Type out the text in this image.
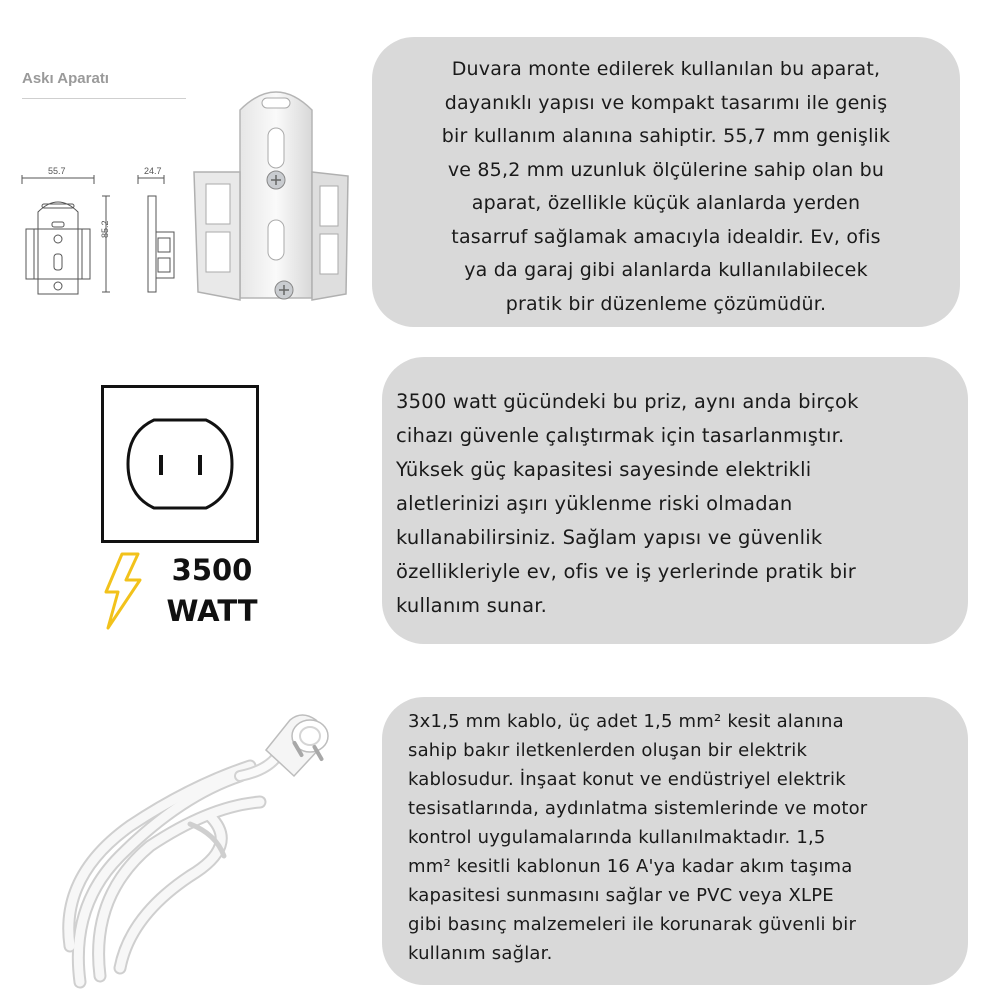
Askı Aparatı
55.7	24.7
85.2
Duvara monte edilerek kullanılan bu aparat,
dayanıklı yapısı ve kompakt tasarımı ile geniş
bir kullanım alanına sahiptir. 55,7 mm genişlik
ve 85,2 mm uzunluk ölçülerine sahip olan bu
aparat, özellikle küçük alanlarda yerden
tasarruf sağlamak amacıyla idealdir. Ev, ofis
ya da garaj gibi alanlarda kullanılabilecek
pratik bir düzenleme çözümüdür.
3500
WATT
3500 watt gücündeki bu priz, aynı anda birçok
cihazı güvenle çalıştırmak için tasarlanmıştır.
Yüksek güç kapasitesi sayesinde elektrikli
aletlerinizi aşırı yüklenme riski olmadan
kullanabilirsiniz. Sağlam yapısı ve güvenlik
özellikleriyle ev, ofis ve iş yerlerinde pratik bir
kullanım sunar.
3x1,5 mm kablo, üç adet 1,5 mm² kesit alanına
sahip bakır iletkenlerden oluşan bir elektrik
kablosudur. İnşaat konut ve endüstriyel elektrik
tesisatlarında, aydınlatma sistemlerinde ve motor
kontrol uygulamalarında kullanılmaktadır. 1,5
mm² kesitli kablonun 16 A'ya kadar akım taşıma
kapasitesi sunmasını sağlar ve PVC veya XLPE
gibi basınç malzemeleri ile korunarak güvenli bir
kullanım sağlar.
